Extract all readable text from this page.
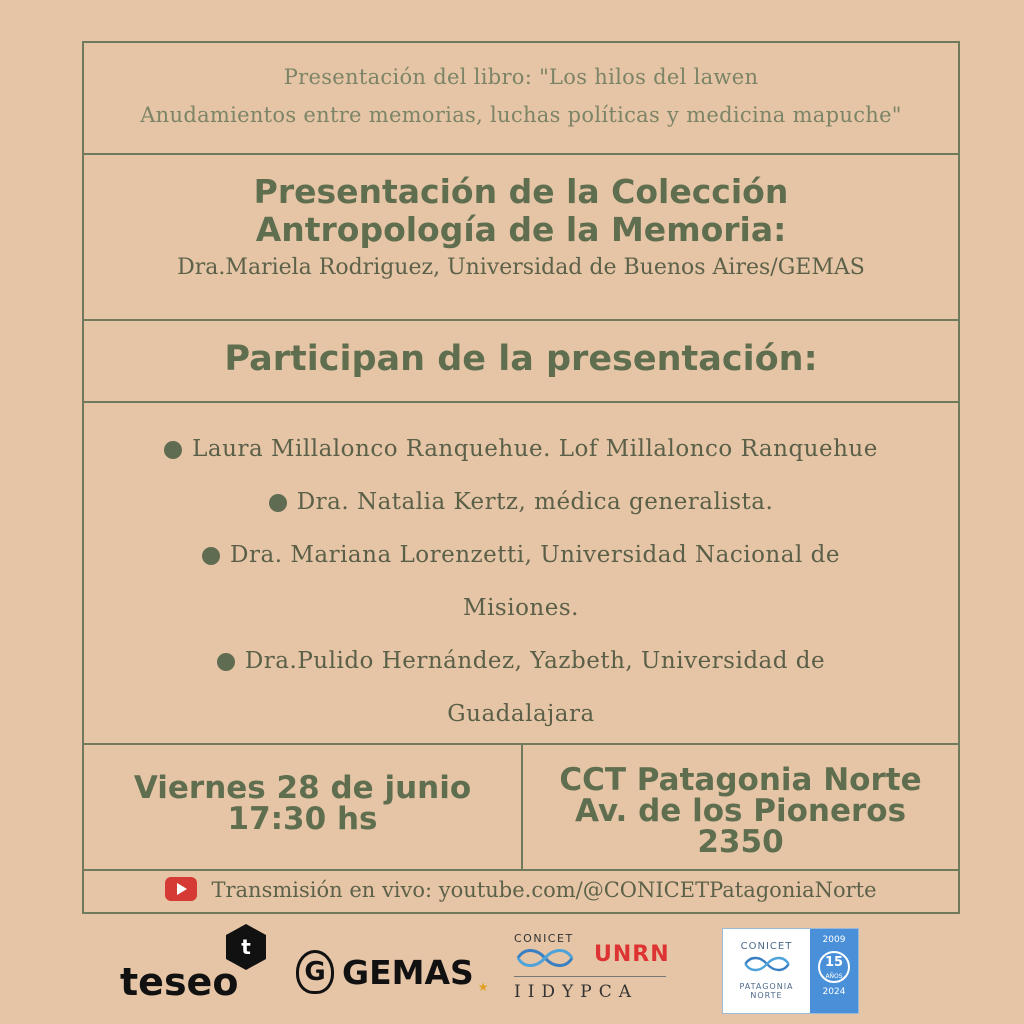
Presentación del libro: "Los hilos del lawen
Anudamientos entre memorias, luchas políticas y medicina mapuche"
Presentación de la Colección
Antropología de la Memoria:
Dra.Mariela Rodriguez, Universidad de Buenos Aires/GEMAS
Participan de la presentación:
Laura Millalonco Ranquehue. Lof Millalonco Ranquehue
Dra. Natalia Kertz, médica generalista.
Dra. Mariana Lorenzetti, Universidad Nacional de
Misiones.
Dra.Pulido Hernández, Yazbeth, Universidad de
Guadalajara
Viernes 28 de junio
17:30 hs
CCT Patagonia Norte
Av. de los Pioneros
2350
Transmisión en vivo: youtube.com/@CONICETPatagoniaNorte
teseo
t
G GEMAS ★
CONICET
UNRN
IIDYPCA
CONICET
PATAGONIA
NORTE
2009
15
AÑOS
2024
